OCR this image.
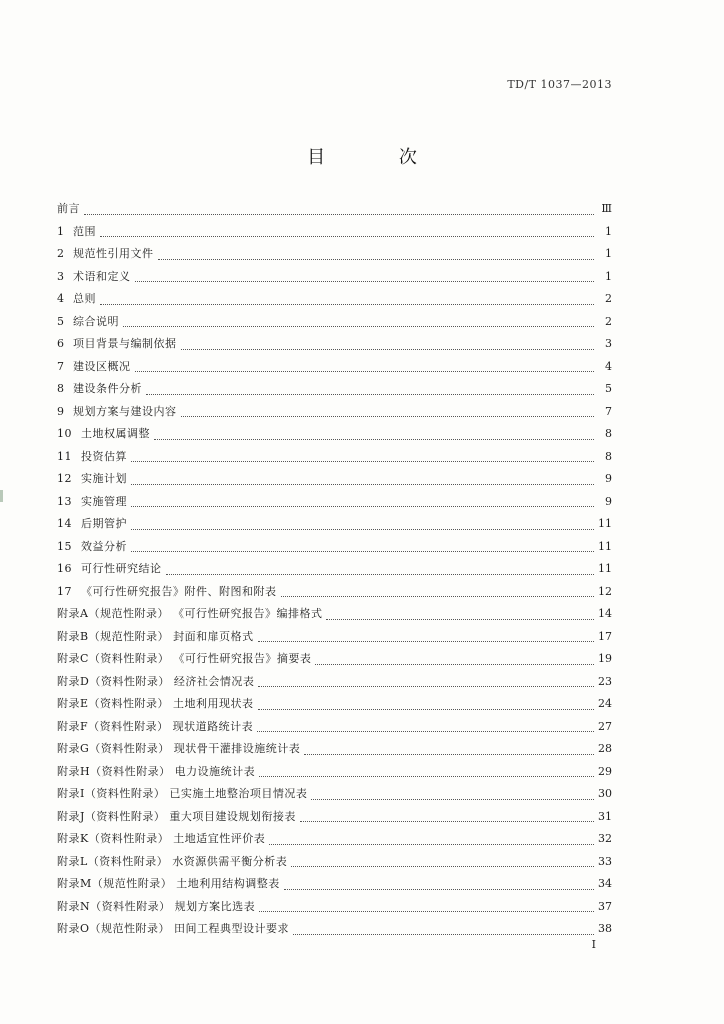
TD/T 1037—2013
目 次
前言	Ⅲ
1 范围	1
2 规范性引用文件	1
3 术语和定义	1
4 总则	2
5 综合说明	2
6 项目背景与编制依据	3
7 建设区概况	4
8 建设条件分析	5
9 规划方案与建设内容	7
10 土地权属调整	8
11 投资估算	8
12 实施计划	9
13 实施管理	9
14 后期管护	11
15 效益分析	11
16 可行性研究结论	11
17 《可行性研究报告》附件、附图和附表	12
附录A（规范性附录） 《可行性研究报告》编排格式	14
附录B（规范性附录） 封面和扉页格式	17
附录C（资料性附录） 《可行性研究报告》摘要表	19
附录D（资料性附录） 经济社会情况表	23
附录E（资料性附录） 土地利用现状表	24
附录F（资料性附录） 现状道路统计表	27
附录G（资料性附录） 现状骨干灌排设施统计表	28
附录H（资料性附录） 电力设施统计表	29
附录I（资料性附录） 已实施土地整治项目情况表	30
附录J（资料性附录） 重大项目建设规划衔接表	31
附录K（资料性附录） 土地适宜性评价表	32
附录L（资料性附录） 水资源供需平衡分析表	33
附录M（规范性附录） 土地利用结构调整表	34
附录N（资料性附录） 规划方案比选表	37
附录O（规范性附录） 田间工程典型设计要求	38
I
